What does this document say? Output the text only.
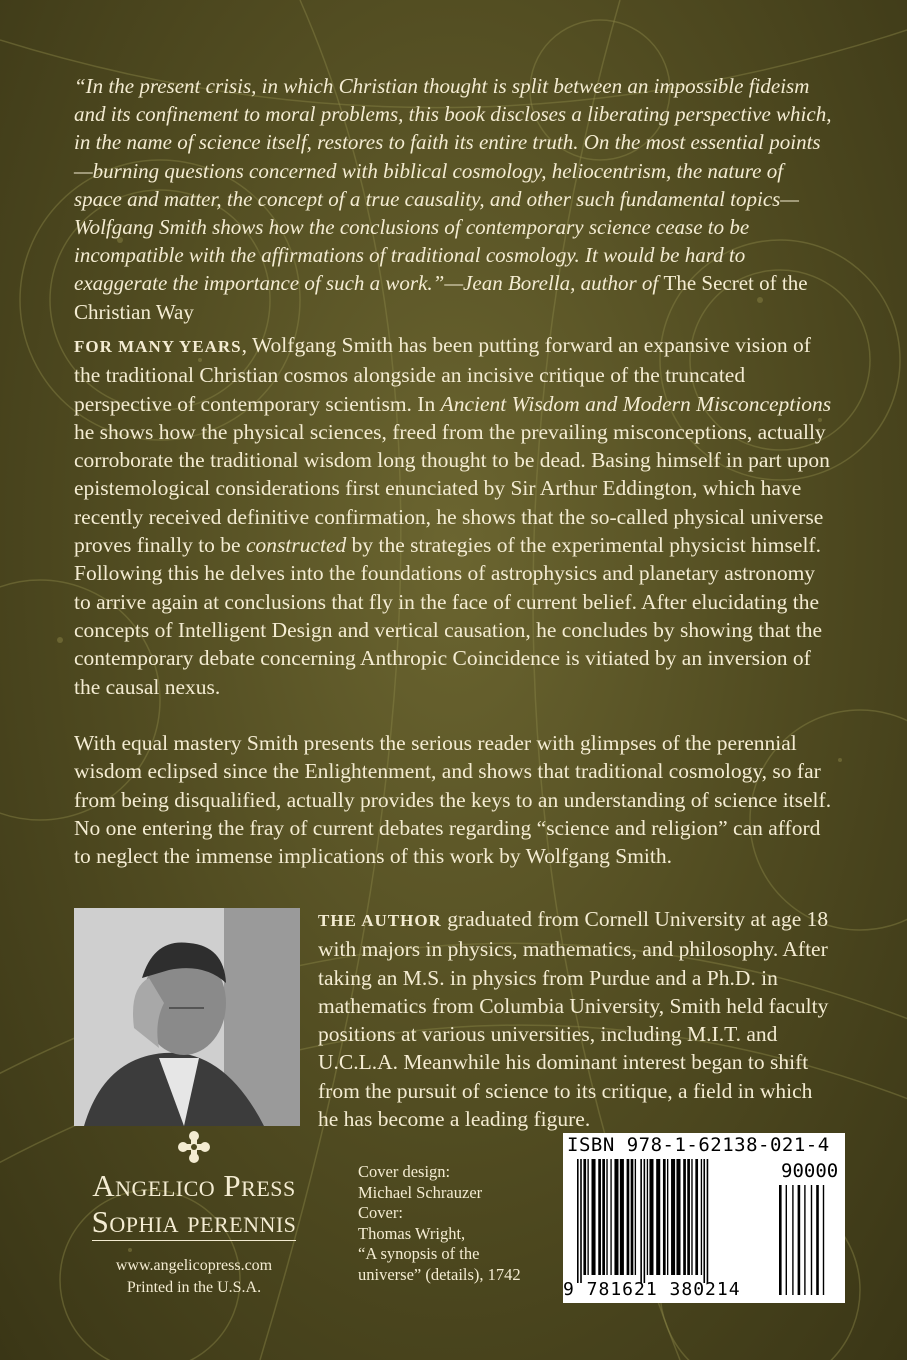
“In the present crisis, in which Christian thought is split between an impossible fideism and its confinement to moral problems, this book discloses a liberating perspective which, in the name of science itself, restores to faith its entire truth. On the most essential points—burning questions concerned with biblical cosmology, heliocentrism, the nature of space and matter, the concept of a true causality, and other such fundamental topics—Wolfgang Smith shows how the conclusions of contemporary science cease to be incompatible with the affirmations of traditional cosmology. It would be hard to exaggerate the importance of such a work.”—Jean Borella, author of The Secret of the Christian Way
FOR MANY YEARS, Wolfgang Smith has been putting forward an expansive vision of the traditional Christian cosmos alongside an incisive critique of the truncated perspective of contemporary scientism. In Ancient Wisdom and Modern Misconceptions he shows how the physical sciences, freed from the prevailing misconceptions, actually corroborate the traditional wisdom long thought to be dead. Basing himself in part upon epistemological considerations first enunciated by Sir Arthur Eddington, which have recently received definitive confirmation, he shows that the so-called physical universe proves finally to be constructed by the strategies of the experimental physicist himself. Following this he delves into the foundations of astrophysics and planetary astronomy to arrive again at conclusions that fly in the face of current belief. After elucidating the concepts of Intelligent Design and vertical causation, he concludes by showing that the contemporary debate concerning Anthropic Coincidence is vitiated by an inversion of the causal nexus.
With equal mastery Smith presents the serious reader with glimpses of the perennial wisdom eclipsed since the Enlightenment, and shows that traditional cosmology, so far from being disqualified, actually provides the keys to an understanding of science itself. No one entering the fray of current debates regarding “science and religion” can afford to neglect the immense implications of this work by Wolfgang Smith.
THE AUTHOR graduated from Cornell University at age 18 with majors in physics, mathematics, and philosophy. After taking an M.S. in physics from Purdue and a Ph.D. in mathematics from Columbia University, Smith held faculty positions at various universities, including M.I.T. and U.C.L.A. Meanwhile his dominant interest began to shift from the pursuit of science to its critique, a field in which he has become a leading figure.
Angelico Press
Sophia perennis
www.angelicopress.com
Printed in the U.S.A.
Cover design:
Michael Schrauzer
Cover:
Thomas Wright,
“A synopsis of the
universe” (details), 1742
ISBN 978-1-62138-021-4
90000
9 781621 380214
